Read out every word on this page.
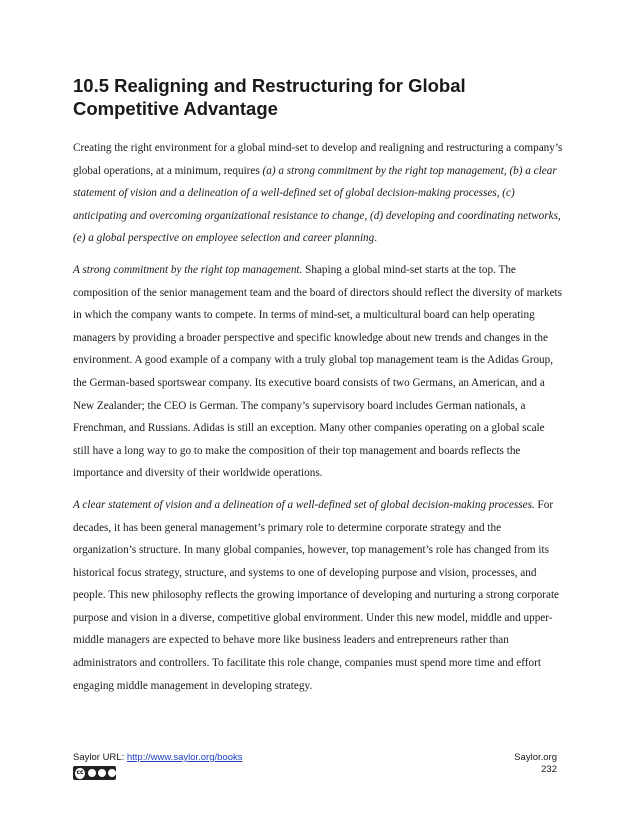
10.5 Realigning and Restructuring for Global Competitive Advantage

Creating the right environment for a global mind-set to develop and realigning and restructuring a company’s global operations, at a minimum, requires (a) a strong commitment by the right top management, (b) a clear statement of vision and a delineation of a well-defined set of global decision-making processes, (c) anticipating and overcoming organizational resistance to change, (d) developing and coordinating networks, (e) a global perspective on employee selection and career planning.

A strong commitment by the right top management. Shaping a global mind-set starts at the top. The composition of the senior management team and the board of directors should reflect the diversity of markets in which the company wants to compete. In terms of mind-set, a multicultural board can help operating managers by providing a broader perspective and specific knowledge about new trends and changes in the environment. A good example of a company with a truly global top management team is the Adidas Group, the German-based sportswear company. Its executive board consists of two Germans, an American, and a New Zealander; the CEO is German. The company’s supervisory board includes German nationals, a Frenchman, and Russians. Adidas is still an exception. Many other companies operating on a global scale still have a long way to go to make the composition of their top management and boards reflects the importance and diversity of their worldwide operations.

A clear statement of vision and a delineation of a well-defined set of global decision-making processes. For decades, it has been general management’s primary role to determine corporate strategy and the organization’s structure. In many global companies, however, top management’s role has changed from its historical focus strategy, structure, and systems to one of developing purpose and vision, processes, and people. This new philosophy reflects the growing importance of developing and nurturing a strong corporate purpose and vision in a diverse, competitive global environment. Under this new model, middle and upper-middle managers are expected to behave more like business leaders and entrepreneurs rather than administrators and controllers. To facilitate this role change, companies must spend more time and effort engaging middle management in developing strategy.

Saylor URL: http://www.saylor.org/books	Saylor.org
232
cc
